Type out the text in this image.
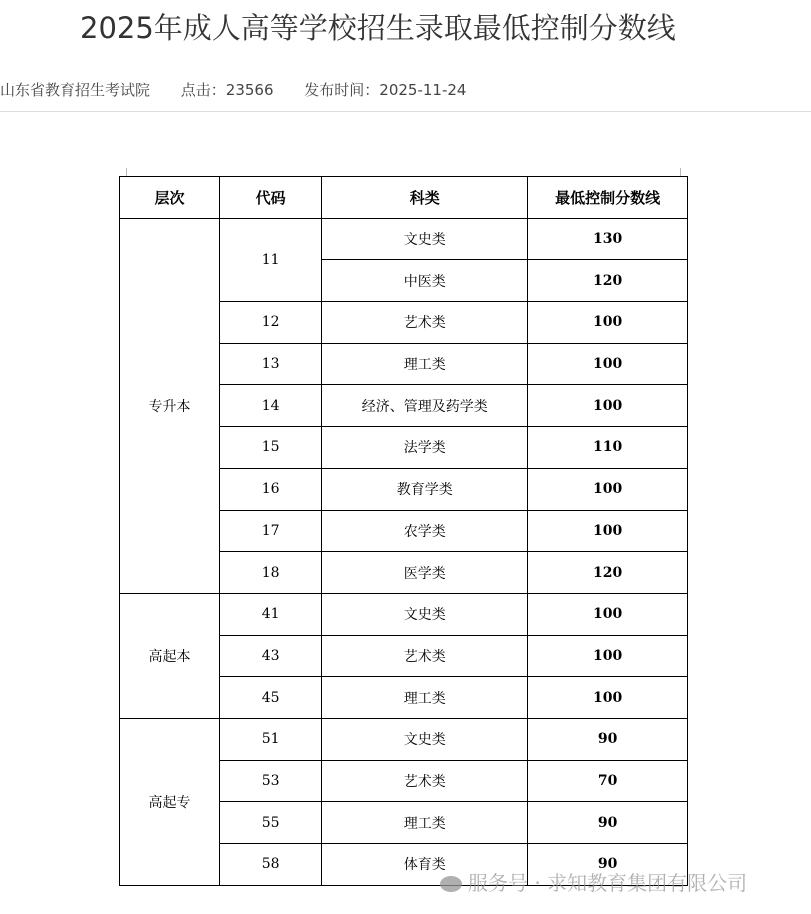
2025年成人高等学校招生录取最低控制分数线
山东省教育招生考试院 点击：23566 发布时间：2025-11-24
层次	代码	科类	最低控制分数线
专升本	11	文史类	130
		中医类	120
	12	艺术类	100
	13	理工类	100
	14	经济、管理及药学类	100
	15	法学类	110
	16	教育学类	100
	17	农学类	100
	18	医学类	120
高起本	41	文史类	100
	43	艺术类	100
	45	理工类	100
高起专	51	文史类	90
	53	艺术类	70
	55	理工类	90
	58	体育类	90
服务号 · 求知教育集团有限公司
